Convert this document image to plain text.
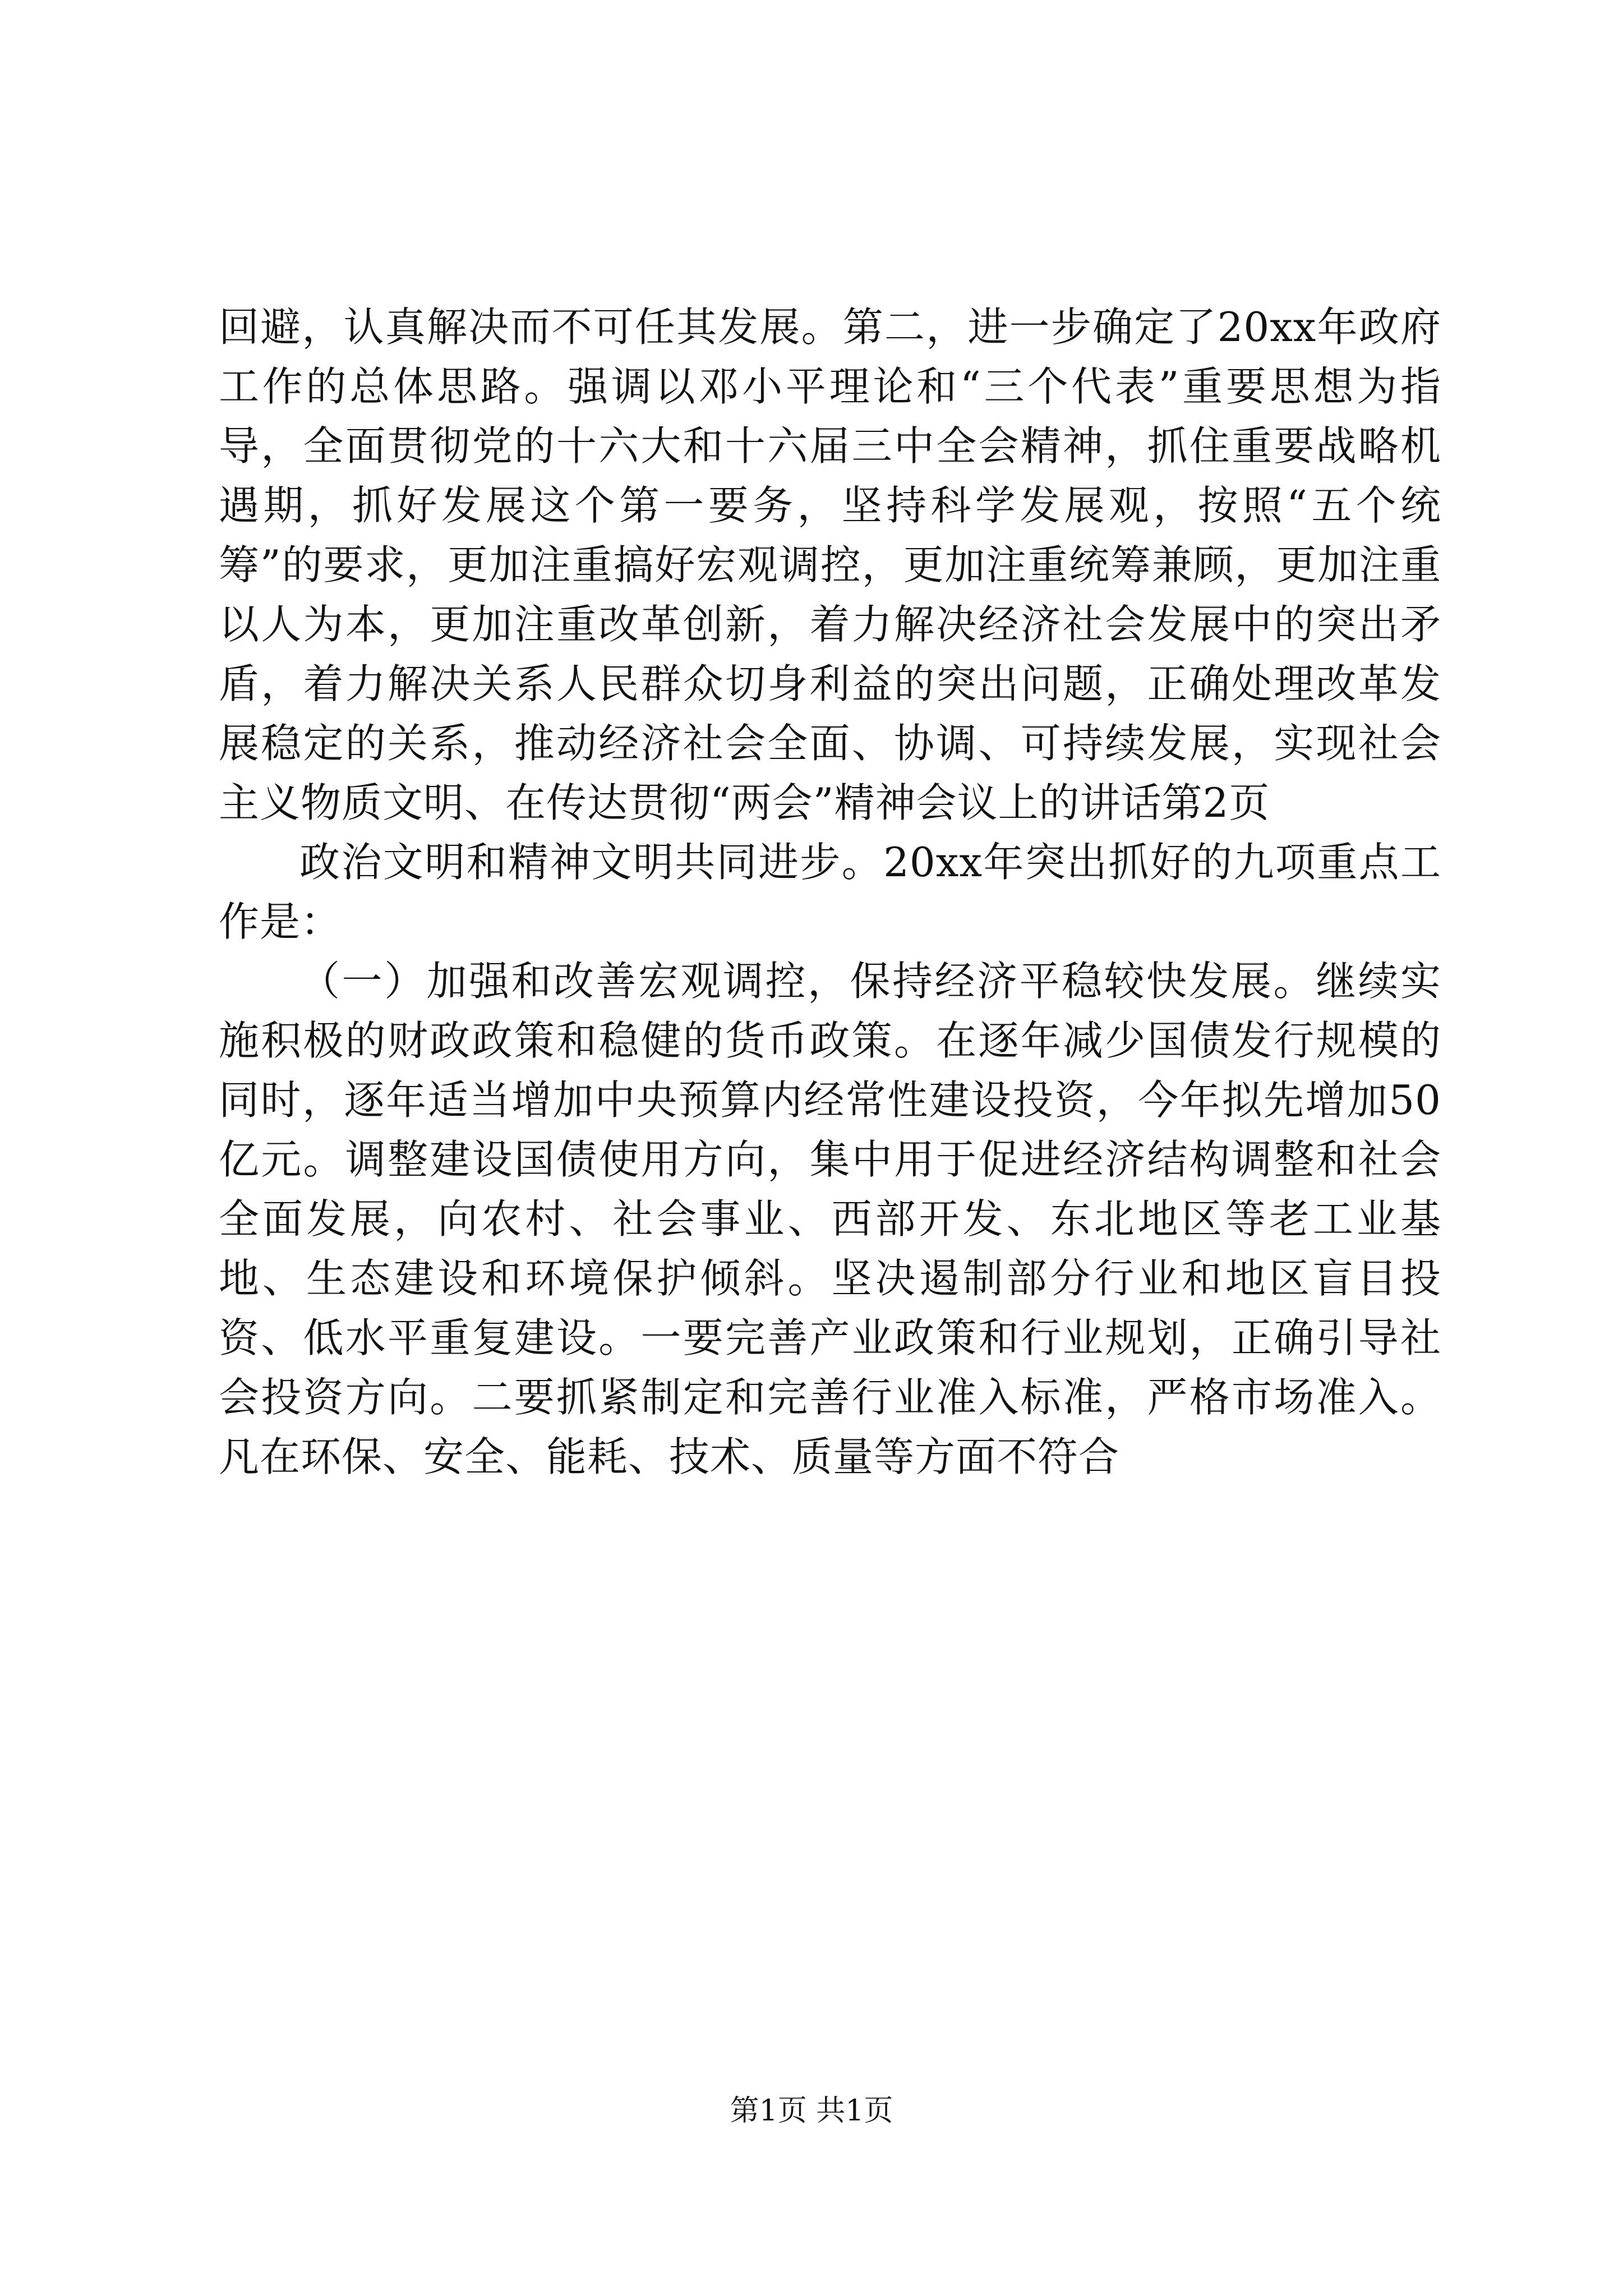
回避，认真解决而不可任其发展。第二，进一步确定了20xx年政府工作的总体思路。强调以邓小平理论和“三个代表”重要思想为指导，全面贯彻党的十六大和十六届三中全会精神，抓住重要战略机遇期，抓好发展这个第一要务，坚持科学发展观，按照“五个统筹”的要求，更加注重搞好宏观调控，更加注重统筹兼顾，更加注重以人为本，更加注重改革创新，着力解决经济社会发展中的突出矛盾，着力解决关系人民群众切身利益的突出问题，正确处理改革发展稳定的关系，推动经济社会全面、协调、可持续发展，实现社会主义物质文明、在传达贯彻“两会”精神会议上的讲话第2页

政治文明和精神文明共同进步。20xx年突出抓好的九项重点工作是：

（一）加强和改善宏观调控，保持经济平稳较快发展。继续实施积极的财政政策和稳健的货币政策。在逐年减少国债发行规模的同时，逐年适当增加中央预算内经常性建设投资，今年拟先增加50亿元。调整建设国债使用方向，集中用于促进经济结构调整和社会全面发展，向农村、社会事业、西部开发、东北地区等老工业基地、生态建设和环境保护倾斜。坚决遏制部分行业和地区盲目投资、低水平重复建设。一要完善产业政策和行业规划，正确引导社会投资方向。二要抓紧制定和完善行业准入标准，严格市场准入。凡在环保、安全、能耗、技术、质量等方面不符合

第1页 共1页
